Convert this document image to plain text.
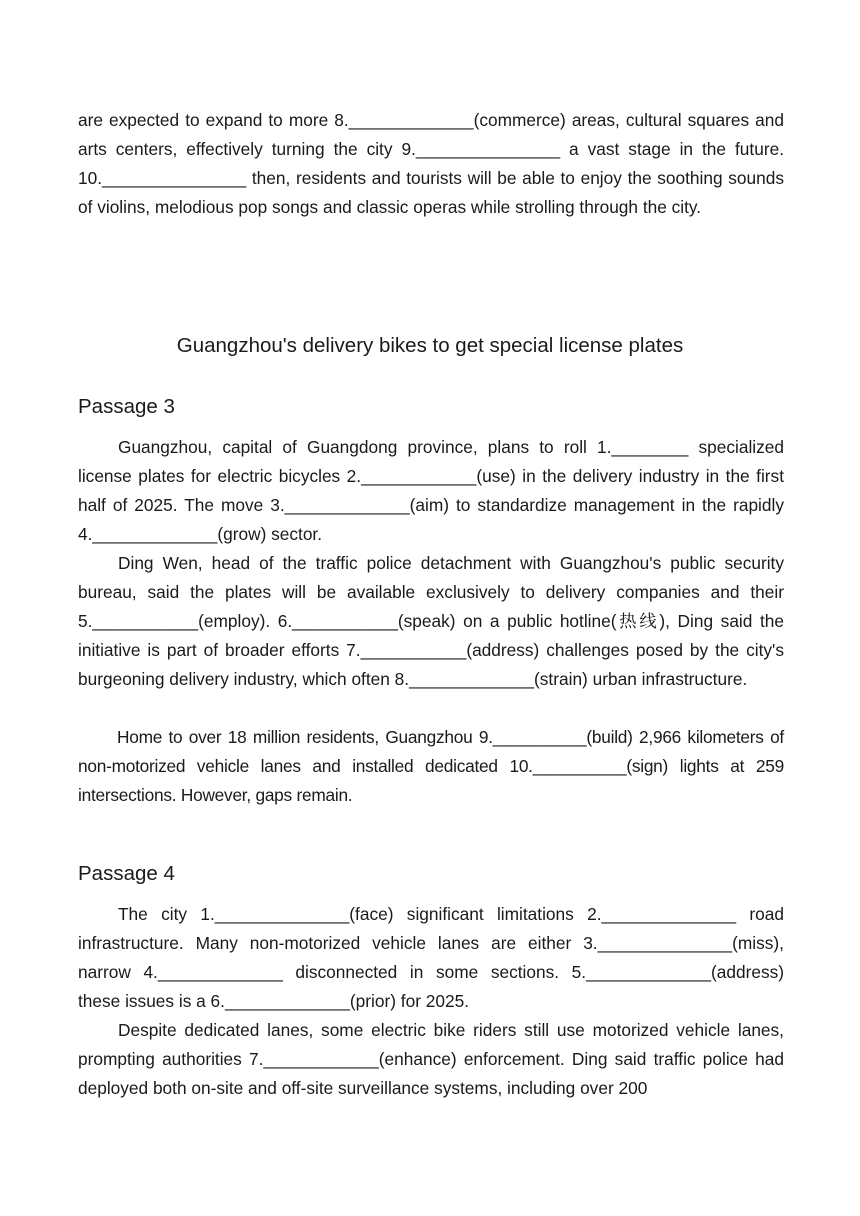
are expected to expand to more 8._____________(commerce) areas, cultural squares and arts centers, effectively turning the city 9._______________ a vast stage in the future. 10._______________ then, residents and tourists will be able to enjoy the soothing sounds of violins, melodious pop songs and classic operas while strolling through the city.

Guangzhou's delivery bikes to get special license plates
Passage 3

Guangzhou, capital of Guangdong province, plans to roll 1.________ specialized license plates for electric bicycles 2.____________(use) in the delivery industry in the first half of 2025. The move 3._____________(aim) to standardize management in the rapidly 4._____________(grow) sector.

Ding Wen, head of the traffic police detachment with Guangzhou's public security bureau, said the plates will be available exclusively to delivery companies and their 5.___________(employ). 6.___________(speak) on a public hotline(热线), Ding said the initiative is part of broader efforts 7.___________(address) challenges posed by the city's burgeoning delivery industry, which often 8._____________(strain) urban infrastructure.

Home to over 18 million residents, Guangzhou 9.__________(build) 2,966 kilometers of non-motorized vehicle lanes and installed dedicated 10.__________(sign) lights at 259 intersections. However, gaps remain.

Passage 4

The city 1.______________(face) significant limitations 2.______________ road infrastructure. Many non-motorized vehicle lanes are either 3.______________(miss), narrow 4._____________ disconnected in some sections. 5._____________(address) these issues is a 6._____________(prior) for 2025.

Despite dedicated lanes, some electric bike riders still use motorized vehicle lanes, prompting authorities 7.____________(enhance) enforcement. Ding said traffic police had deployed both on-site and off-site surveillance systems, including over 200
